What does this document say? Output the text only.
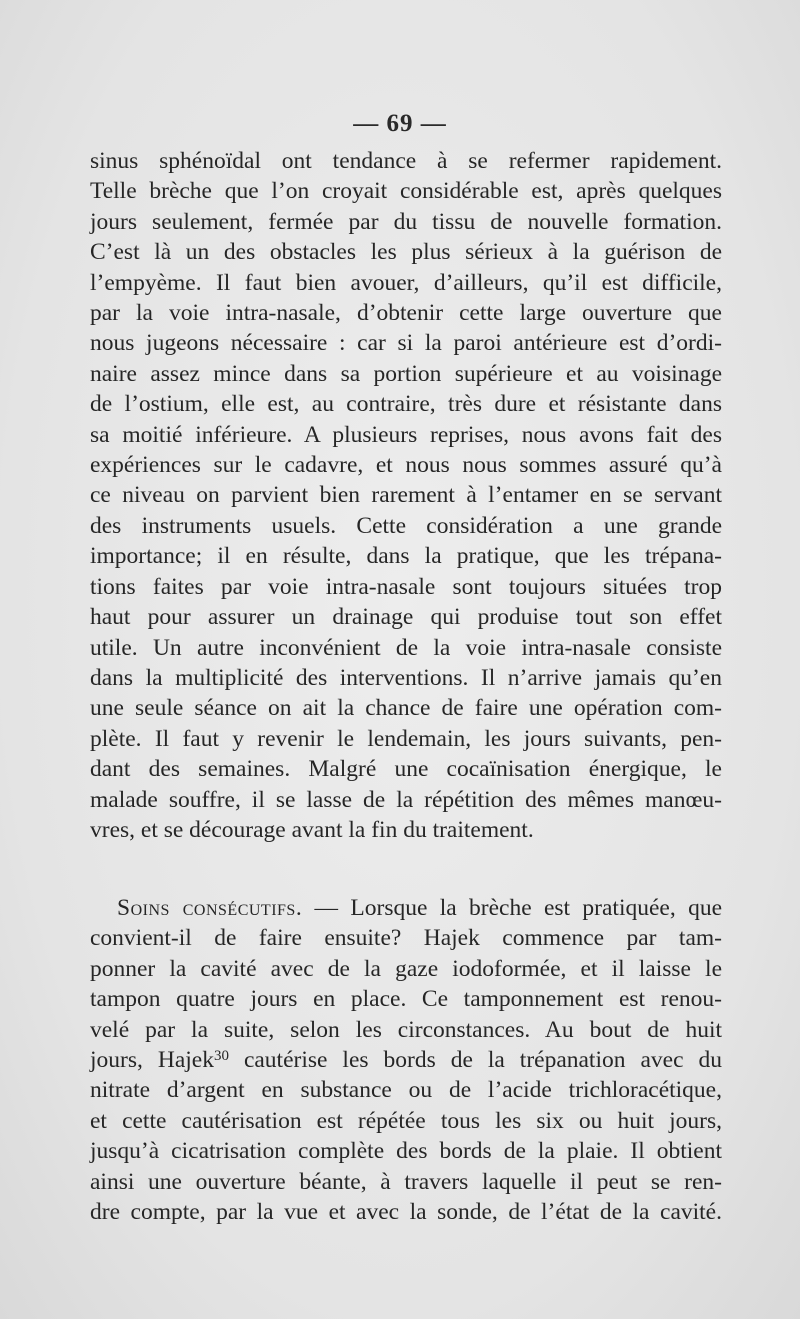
— 69 —
sinus sphénoïdal ont tendance à se refermer rapidement.
Telle brèche que l’on croyait considérable est, après quelques
jours seulement, fermée par du tissu de nouvelle formation.
C’est là un des obstacles les plus sérieux à la guérison de
l’empyème. Il faut bien avouer, d’ailleurs, qu’il est difficile,
par la voie intra-nasale, d’obtenir cette large ouverture que
nous jugeons nécessaire : car si la paroi antérieure est d’ordi-
naire assez mince dans sa portion supérieure et au voisinage
de l’ostium, elle est, au contraire, très dure et résistante dans
sa moitié inférieure. A plusieurs reprises, nous avons fait des
expériences sur le cadavre, et nous nous sommes assuré qu’à
ce niveau on parvient bien rarement à l’entamer en se servant
des instruments usuels. Cette considération a une grande
importance; il en résulte, dans la pratique, que les trépana-
tions faites par voie intra-nasale sont toujours situées trop
haut pour assurer un drainage qui produise tout son effet
utile. Un autre inconvénient de la voie intra-nasale consiste
dans la multiplicité des interventions. Il n’arrive jamais qu’en
une seule séance on ait la chance de faire une opération com-
plète. Il faut y revenir le lendemain, les jours suivants, pen-
dant des semaines. Malgré une cocaïnisation énergique, le
malade souffre, il se lasse de la répétition des mêmes manœu-
vres, et se décourage avant la fin du traitement.
Soins consécutifs. — Lorsque la brèche est pratiquée, que
convient-il de faire ensuite? Hajek commence par tam-
ponner la cavité avec de la gaze iodoformée, et il laisse le
tampon quatre jours en place. Ce tamponnement est renou-
velé par la suite, selon les circonstances. Au bout de huit
jours, Hajek$^{30}$ cautérise les bords de la trépanation avec du
nitrate d’argent en substance ou de l’acide trichloracétique,
et cette cautérisation est répétée tous les six ou huit jours,
jusqu’à cicatrisation complète des bords de la plaie. Il obtient
ainsi une ouverture béante, à travers laquelle il peut se ren-
dre compte, par la vue et avec la sonde, de l’état de la cavité.
